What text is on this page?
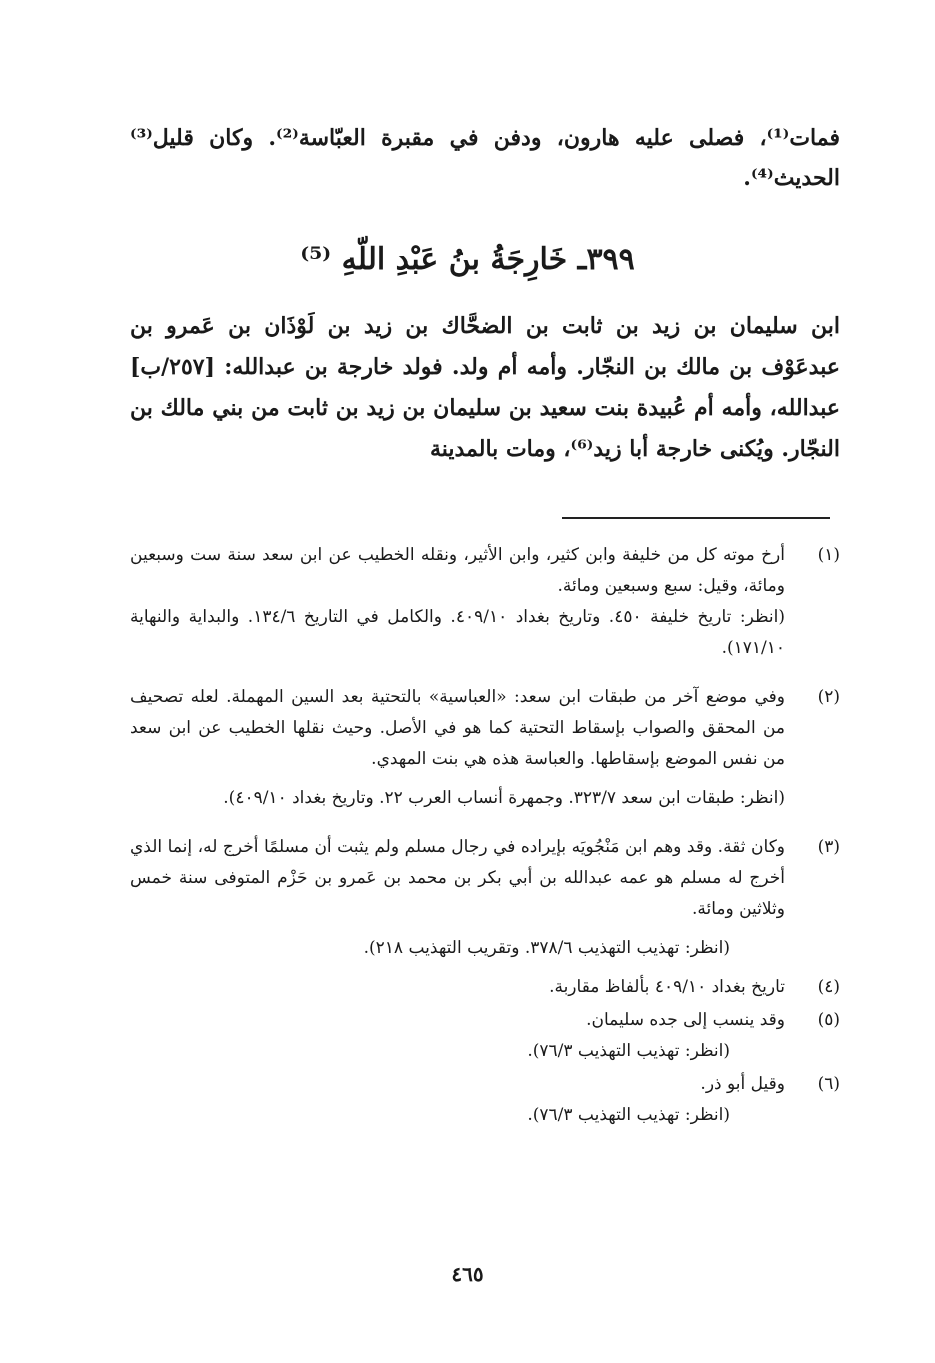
فمات⁽¹⁾، فصلى عليه هارون، ودفن في مقبرة العبّاسة⁽²⁾. وكان قليل⁽³⁾ الحديث⁽⁴⁾.
٣٩٩ـ خَارِجَةُ بنُ عَبْدِ اللّهِ ⁽⁵⁾
ابن سليمان بن زيد بن ثابت بن الضحَّاك بن زيد بن لَوْذَان بن عَمرو بن عبدعَوْف بن مالك بن النجّار. وأمه أم ولد. فولد خارجة بن عبدالله: [٢٥٧/ب] عبدالله، وأمه أم عُبيدة بنت سعيد بن سليمان بن زيد بن ثابت من بني مالك بن النجّار. ويُكنى خارجة أبا زيد⁽⁶⁾، ومات بالمدينة
(١)
أرخ موته كل من خليفة وابن كثير، وابن الأثير، ونقله الخطيب عن ابن سعد سنة ست وسبعين ومائة، وقيل: سبع وسبعين ومائة.
(انظر: تاريخ خليفة ٤٥٠. وتاريخ بغداد ٤٠٩/١٠. والكامل في التاريخ ١٣٤/٦. والبداية والنهاية ١٧١/١٠).
(٢)
وفي موضع آخر من طبقات ابن سعد: «العباسية» بالتحتية بعد السين المهملة. لعله تصحيف من المحقق والصواب بإسقاط التحتية كما هو في الأصل. وحيث نقلها الخطيب عن ابن سعد من نفس الموضع بإسقاطها. والعباسة هذه هي بنت المهدي.
(انظر: طبقات ابن سعد ٣٢٣/٧. وجمهرة أنساب العرب ٢٢. وتاريخ بغداد ٤٠٩/١٠).
(٣)
وكان ثقة. وقد وهم ابن مَنْجُويَه بإيراده في رجال مسلم ولم يثبت أن مسلمًا أخرج له، إنما الذي أخرج له مسلم هو عمه عبدالله بن أبي بكر بن محمد بن عَمرو بن حَزْم المتوفى سنة خمس وثلاثين ومائة.
(انظر: تهذيب التهذيب ٣٧٨/٦. وتقريب التهذيب ٢١٨).
(٤)
تاريخ بغداد ٤٠٩/١٠ بألفاظ مقاربة.
(٥)
وقد ينسب إلى جده سليمان.
(انظر: تهذيب التهذيب ٧٦/٣).
(٦)
وقيل أبو ذر.
(انظر: تهذيب التهذيب ٧٦/٣).
٤٦٥
